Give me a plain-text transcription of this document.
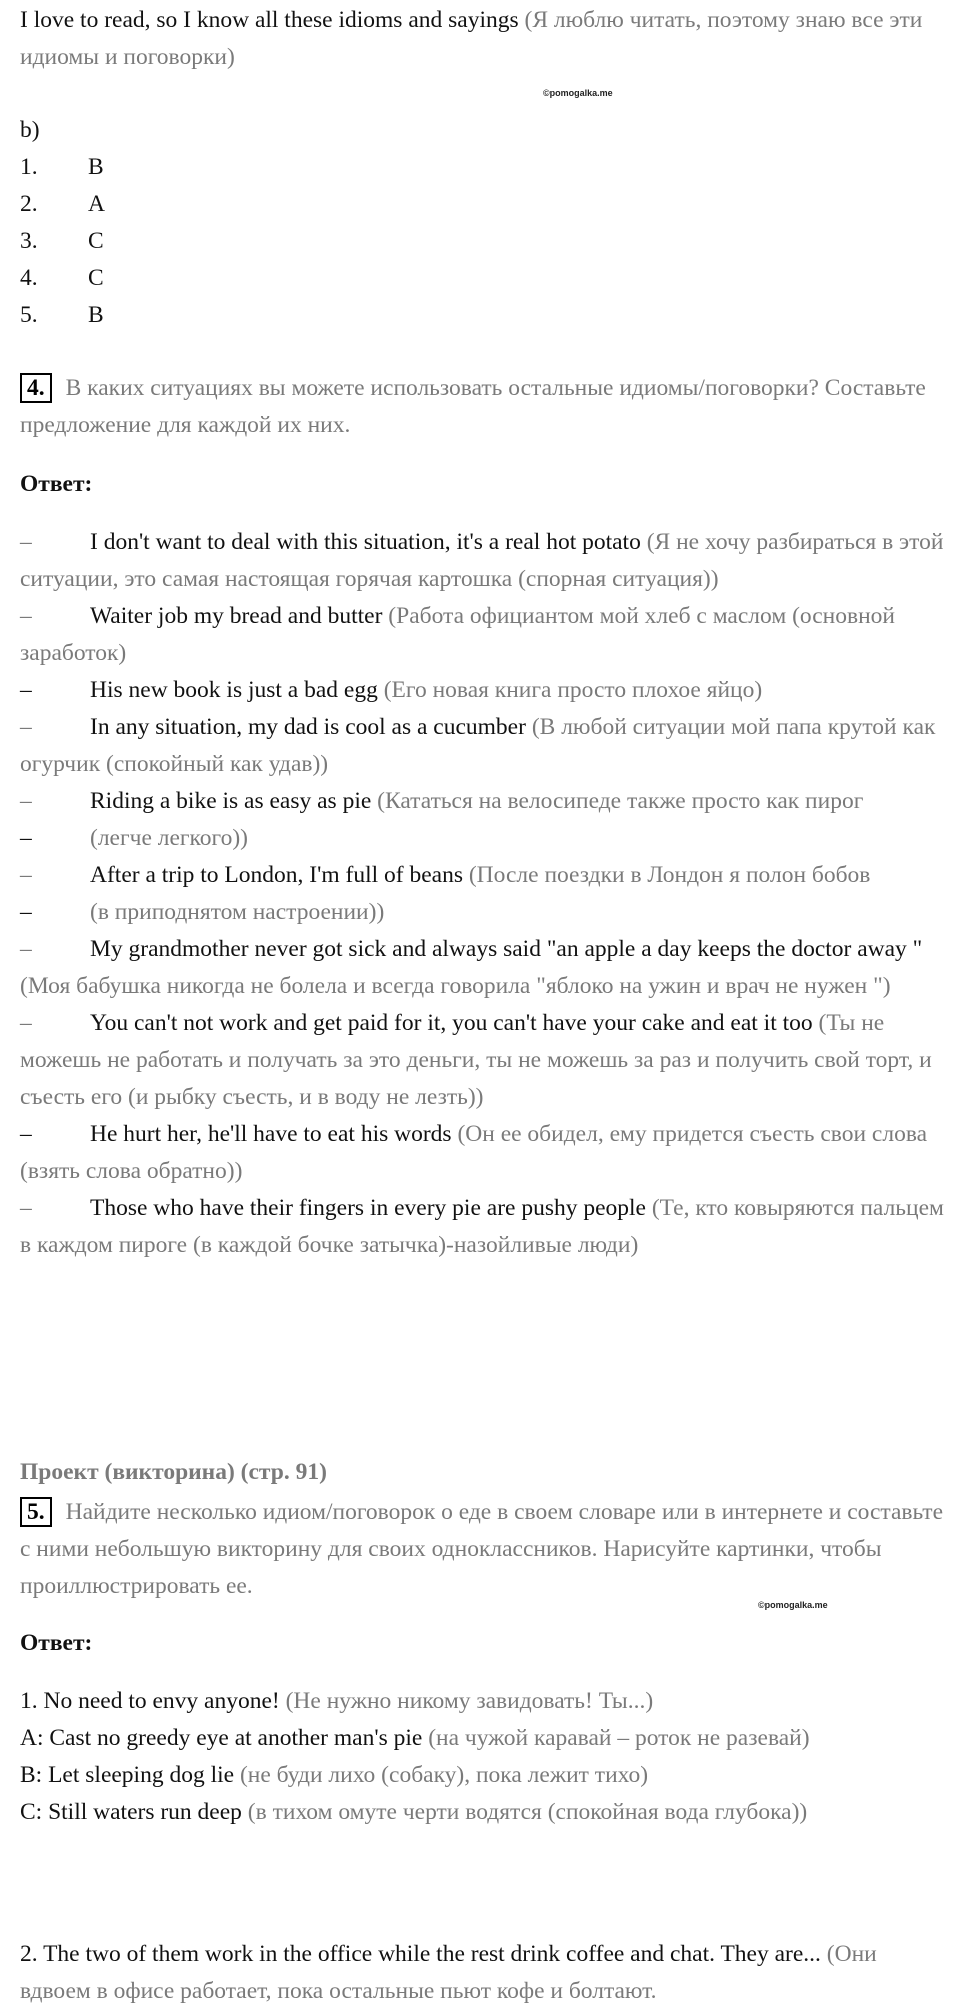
I love to read, so I know all these idioms and sayings (Я люблю читать, поэтому знаю все эти идиомы и поговорки)

©pomogalka.me
b)
1.	B
2.	A
3.	C
4.	C
5.	B

4. В каких ситуациях вы можете использовать остальные идиомы/поговорки? Составьте предложение для каждой их них.

Ответ:

– I don't want to deal with this situation, it's a real hot potato (Я не хочу разбираться в этой ситуации, это самая настоящая горячая картошка (спорная ситуация))

– Waiter job my bread and butter (Работа официантом мой хлеб с маслом (основной заработок)

– His new book is just a bad egg (Его новая книга просто плохое яйцо)

– In any situation, my dad is cool as a cucumber (В любой ситуации мой папа крутой как огурчик (спокойный как удав))

– Riding a bike is as easy as pie (Кататься на велосипеде также просто как пирог

– (легче легкого))

– After a trip to London, I'm full of beans (После поездки в Лондон я полон бобов

– (в приподнятом настроении))

– My grandmother never got sick and always said "an apple a day keeps the doctor away " (Моя бабушка никогда не болела и всегда говорила "яблоко на ужин и врач не нужен ")

– You can't not work and get paid for it, you can't have your cake and eat it too (Ты не можешь не работать и получать за это деньги, ты не можешь за раз и получить свой торт, и съесть его (и рыбку съесть, и в воду не лезть))

– He hurt her, he'll have to eat his words (Он ее обидел, ему придется съесть свои слова (взять слова обратно))

– Those who have their fingers in every pie are pushy people (Те, кто ковыряются пальцем в каждом пироге (в каждой бочке затычка)-назойливые люди)

Проект (викторина) (стр. 91)

5. Найдите несколько идиом/поговорок о еде в своем словаре или в интернете и составьте с ними небольшую викторину для своих одноклассников. Нарисуйте картинки, чтобы проиллюстрировать ее.

©pomogalka.me

Ответ:

1. No need to envy anyone! (Не нужно никому завидовать! Ты...)

A: Cast no greedy eye at another man's pie (на чужой каравай – роток не разевай)

B: Let sleeping dog lie (не буди лихо (собаку), пока лежит тихо)

C: Still waters run deep (в тихом омуте черти водятся (спокойная вода глубока))

2. The two of them work in the office while the rest drink coffee and chat. They are... (Они вдвоем в офисе работает, пока остальные пьют кофе и болтают.
